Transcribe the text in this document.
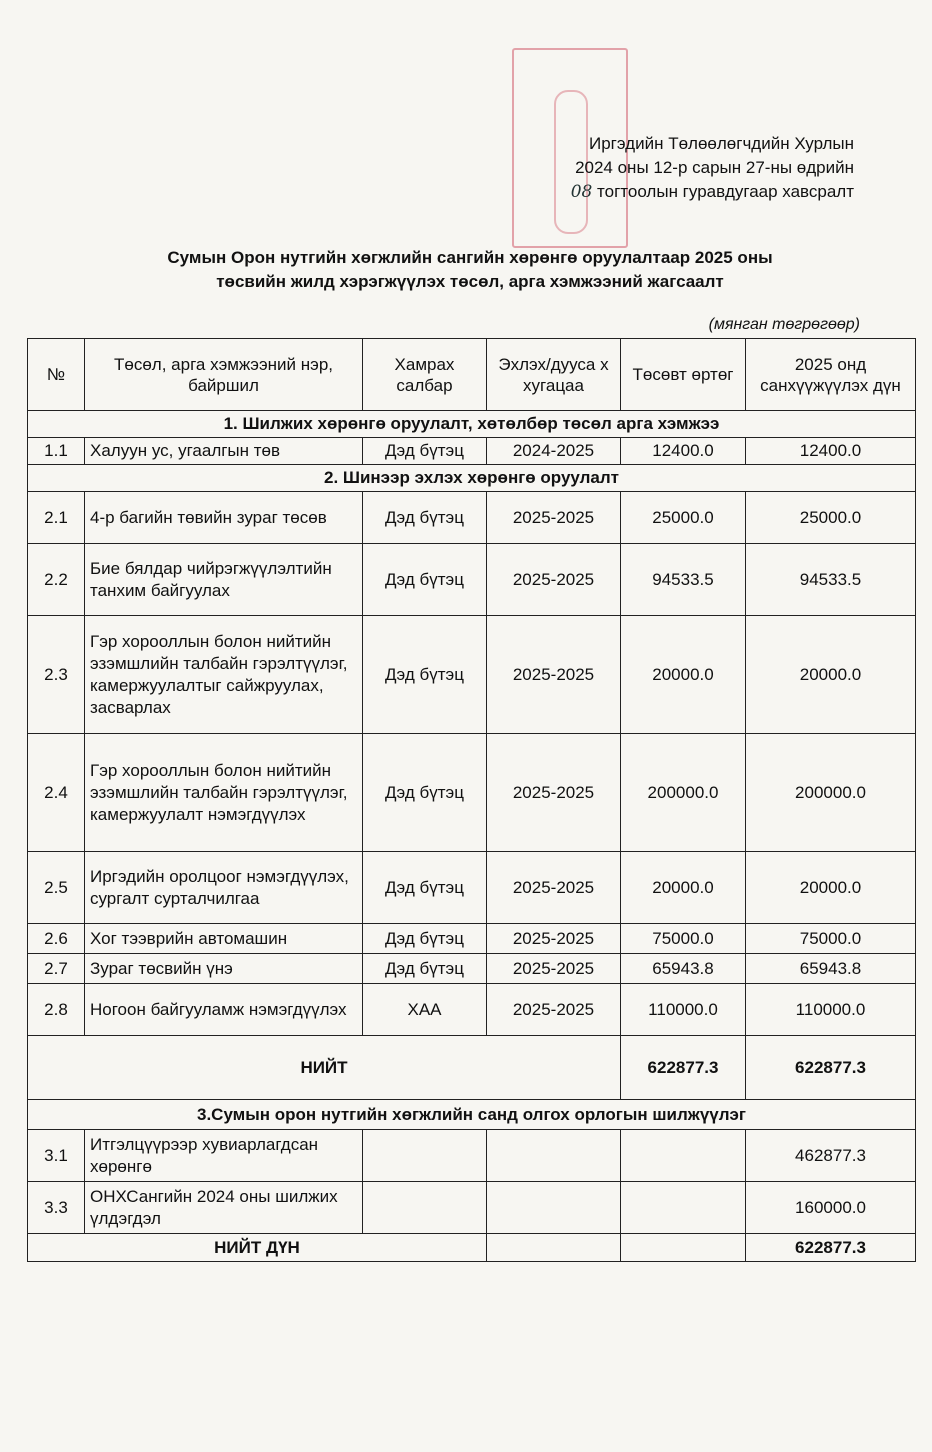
Иргэдийн Төлөөлөгчдийн Хурлын
2024 оны 12-р сарын 27-ны өдрийн
08 тогтоолын гуравдугаар хавсралт
Сумын Орон нутгийн хөгжлийн сангийн хөрөнгө оруулалтаар 2025 оны
төсвийн жилд хэрэгжүүлэх төсөл, арга хэмжээний жагсаалт
(мянган төгрөгөөр)
№	Төсөл, арга хэмжээний нэр, байршил	Хамрах салбар	Эхлэх/дууса х хугацаа	Төсөвт өртөг	2025 онд санхүүжүүлэх дүн
1. Шилжих хөрөнгө оруулалт, хөтөлбөр төсөл арга хэмжээ					
1.1	Халуун ус, угаалгын төв	Дэд бүтэц	2024-2025	12400.0	12400.0
2. Шинээр эхлэх хөрөнгө оруулалт					
2.1	4-р багийн төвийн зураг төсөв	Дэд бүтэц	2025-2025	25000.0	25000.0
2.2	Бие бялдар чийрэгжүүлэлтийн танхим байгуулах	Дэд бүтэц	2025-2025	94533.5	94533.5
2.3	Гэр хорооллын болон нийтийн эзэмшлийн талбайн гэрэлтүүлэг, камержуулалтыг сайжруулах, засварлах	Дэд бүтэц	2025-2025	20000.0	20000.0
2.4	Гэр хорооллын болон нийтийн эзэмшлийн талбайн гэрэлтүүлэг, камержуулалт нэмэгдүүлэх	Дэд бүтэц	2025-2025	200000.0	200000.0
2.5	Иргэдийн оролцоог нэмэгдүүлэх, сургалт сурталчилгаа	Дэд бүтэц	2025-2025	20000.0	20000.0
2.6	Хог тээврийн автомашин	Дэд бүтэц	2025-2025	75000.0	75000.0
2.7	Зураг төсвийн үнэ	Дэд бүтэц	2025-2025	65943.8	65943.8
2.8	Ногоон байгууламж нэмэгдүүлэх	ХАА	2025-2025	110000.0	110000.0
НИЙТ				622877.3	622877.3
3.Сумын орон нутгийн хөгжлийн санд олгох орлогын шилжүүлэг					
3.1	Итгэлцүүрээр хувиарлагдсан хөрөнгө				462877.3
3.3	ОНХСангийн 2024 оны шилжих үлдэгдэл				160000.0
НИЙТ ДҮН					622877.3
